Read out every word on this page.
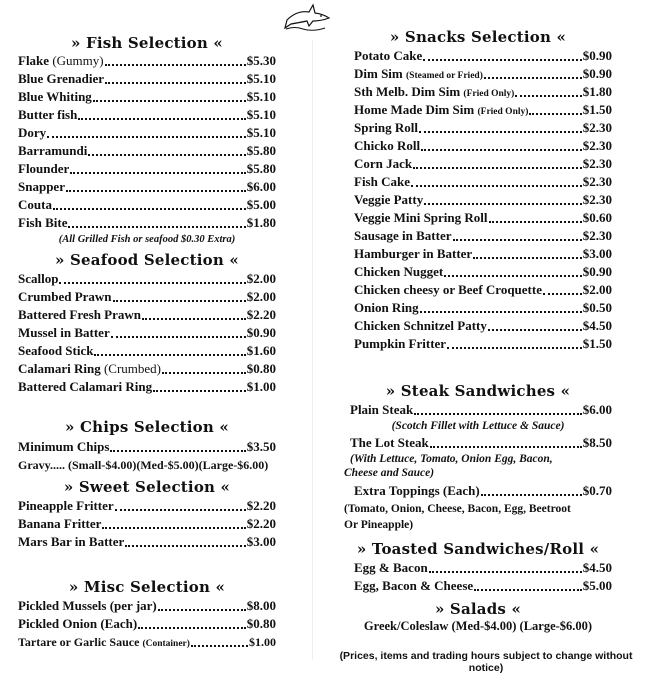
» Fish Selection «
Flake (Gummy)	$5.30
Blue Grenadier	$5.10
Blue Whiting	$5.10
Butter fish	$5.10
Dory	$5.10
Barramundi	$5.80
Flounder	$5.80
Snapper	$6.00
Couta	$5.00
Fish Bite	$1.80
(All Grilled Fish or seafood $0.30 Extra)
» Seafood Selection «
Scallop	$2.00
Crumbed Prawn	$2.00
Battered Fresh Prawn	$2.20
Mussel in Batter	$0.90
Seafood Stick	$1.60
Calamari Ring (Crumbed)	$0.80
Battered Calamari Ring	$1.00
» Chips Selection «
Minimum Chips	$3.50
Gravy..... (Small-$4.00)(Med-$5.00)(Large-$6.00)
» Sweet Selection «
Pineapple Fritter	$2.20
Banana Fritter	$2.20
Mars Bar in Batter	$3.00
» Misc Selection «
Pickled Mussels (per jar)	$8.00
Pickled Onion (Each)	$0.80
Tartare or Garlic Sauce (Container)	$1.00
» Snacks Selection «
Potato Cake	$0.90
Dim Sim (Steamed or Fried)	$0.90
Sth Melb. Dim Sim (Fried Only)	$1.80
Home Made Dim Sim (Fried Only)	$1.50
Spring Roll	$2.30
Chicko Roll	$2.30
Corn Jack	$2.30
Fish Cake	$2.30
Veggie Patty	$2.30
Veggie Mini Spring Roll	$0.60
Sausage in Batter	$2.30
Hamburger in Batter	$3.00
Chicken Nugget	$0.90
Chicken cheesy or Beef Croquette	$2.00
Onion Ring	$0.50
Chicken Schnitzel Patty	$4.50
Pumpkin Fritter	$1.50
» Steak Sandwiches «
Plain Steak	$6.00
(Scotch Fillet with Lettuce & Sauce)
The Lot Steak	$8.50
(With Lettuce, Tomato, Onion Egg, Bacon,
Cheese and Sauce)
Extra Toppings (Each)	$0.70
(Tomato, Onion, Cheese, Bacon, Egg, Beetroot
Or Pineapple)
» Toasted Sandwiches/Roll «
Egg & Bacon	$4.50
Egg, Bacon & Cheese	$5.00
» Salads «
Greek/Coleslaw (Med-$4.00) (Large-$6.00)
(Prices, items and trading hours subject to change without notice)
